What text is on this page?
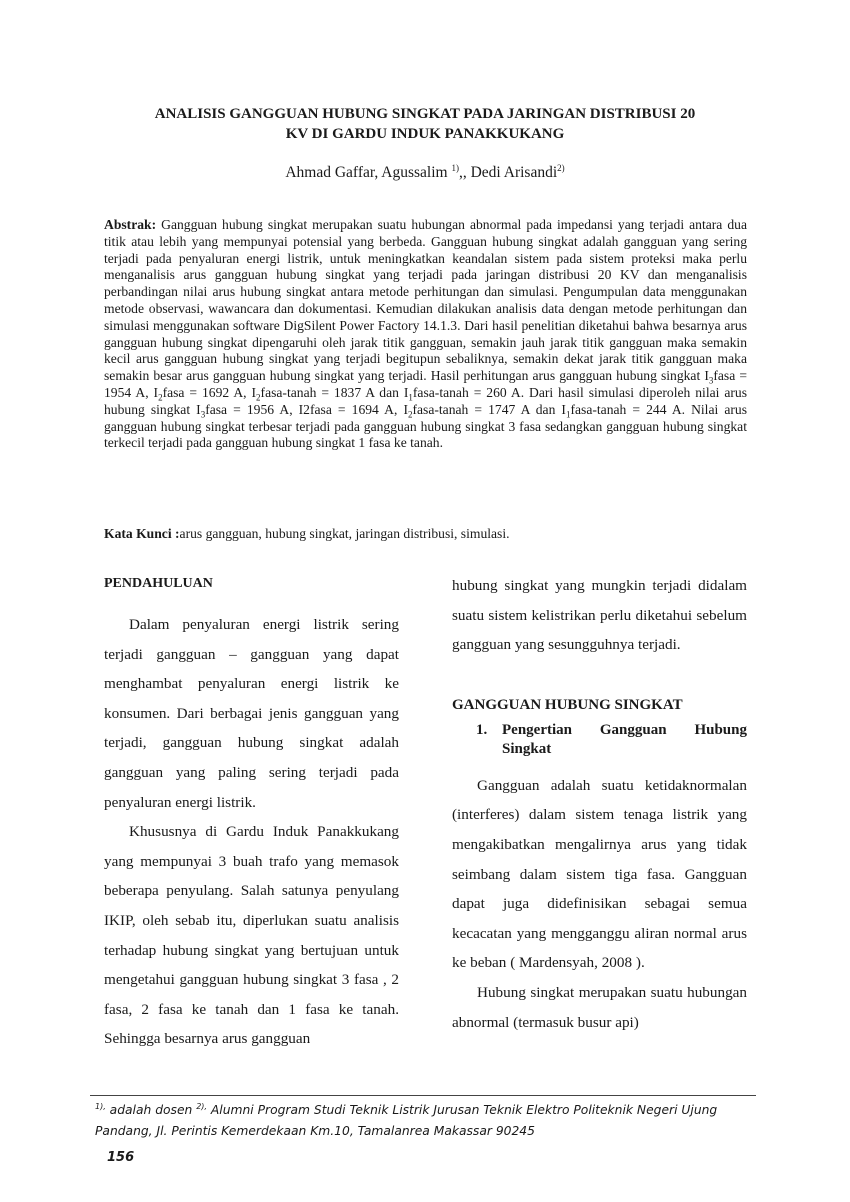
ANALISIS GANGGUAN HUBUNG SINGKAT PADA JARINGAN DISTRIBUSI 20
KV DI GARDU INDUK PANAKKUKANG
Ahmad Gaffar, Agussalim $^{1)}$,, Dedi Arisandi$^{2)}$
Abstrak: Gangguan hubung singkat merupakan suatu hubungan abnormal pada impedansi yang terjadi antara dua titik atau lebih yang mempunyai potensial yang berbeda. Gangguan hubung singkat adalah gangguan yang sering terjadi pada penyaluran energi listrik, untuk meningkatkan keandalan sistem pada sistem proteksi maka perlu menganalisis arus gangguan hubung singkat yang terjadi pada jaringan distribusi 20 KV dan menganalisis perbandingan nilai arus hubung singkat antara metode perhitungan dan simulasi. Pengumpulan data menggunakan metode observasi, wawancara dan dokumentasi. Kemudian dilakukan analisis data dengan metode perhitungan dan simulasi menggunakan software DigSilent Power Factory 14.1.3. Dari hasil penelitian diketahui bahwa besarnya arus gangguan hubung singkat dipengaruhi oleh jarak titik gangguan, semakin jauh jarak titik gangguan maka semakin kecil arus gangguan hubung singkat yang terjadi begitupun sebaliknya, semakin dekat jarak titik gangguan maka semakin besar arus gangguan hubung singkat yang terjadi. Hasil perhitungan arus gangguan hubung singkat $I_3fasa = 1954$ A, $I_2fasa = 1692$ A, $I_2fasa$-tanah = 1837 A dan $I_1fasa$-tanah = 260 A. Dari hasil simulasi diperoleh nilai arus hubung singkat $I_3fasa = 1956$ A, I2fasa = 1694 A, $I_2fasa$-tanah = 1747 A dan $I_1fasa$-tanah = 244 A. Nilai arus gangguan hubung singkat terbesar terjadi pada gangguan hubung singkat 3 fasa sedangkan gangguan hubung singkat terkecil terjadi pada gangguan hubung singkat 1 fasa ke tanah.
Kata Kunci :arus gangguan, hubung singkat, jaringan distribusi, simulasi.

PENDAHULUAN

Dalam penyaluran energi listrik sering terjadi gangguan – gangguan yang dapat menghambat penyaluran energi listrik ke konsumen. Dari berbagai jenis gangguan yang terjadi, gangguan hubung singkat adalah gangguan yang paling sering terjadi pada penyaluran energi listrik.

Khususnya di Gardu Induk Panakkukang yang mempunyai 3 buah trafo yang memasok beberapa penyulang. Salah satunya penyulang IKIP, oleh sebab itu, diperlukan suatu analisis terhadap hubung singkat yang bertujuan untuk mengetahui gangguan hubung singkat 3 fasa , 2 fasa, 2 fasa ke tanah dan 1 fasa ke tanah. Sehingga besarnya arus gangguan

hubung singkat yang mungkin terjadi didalam suatu sistem kelistrikan perlu diketahui sebelum gangguan yang sesungguhnya terjadi.

GANGGUAN HUBUNG SINGKAT

1. Pengertian Gangguan Hubung Singkat

Gangguan adalah suatu ketidaknormalan (interferes) dalam sistem tenaga listrik yang mengakibatkan mengalirnya arus yang tidak seimbang dalam sistem tiga fasa. Gangguan dapat juga didefinisikan sebagai semua kecacatan yang mengganggu aliran normal arus ke beban ( Mardensyah, 2008 ).

Hubung singkat merupakan suatu hubungan abnormal (termasuk busur api)

$^{1),}$ adalah dosen $^{2),}$ Alumni Program Studi Teknik Listrik Jurusan Teknik Elektro Politeknik Negeri Ujung Pandang, Jl. Perintis Kemerdekaan Km.10, Tamalanrea Makassar 90245
156
